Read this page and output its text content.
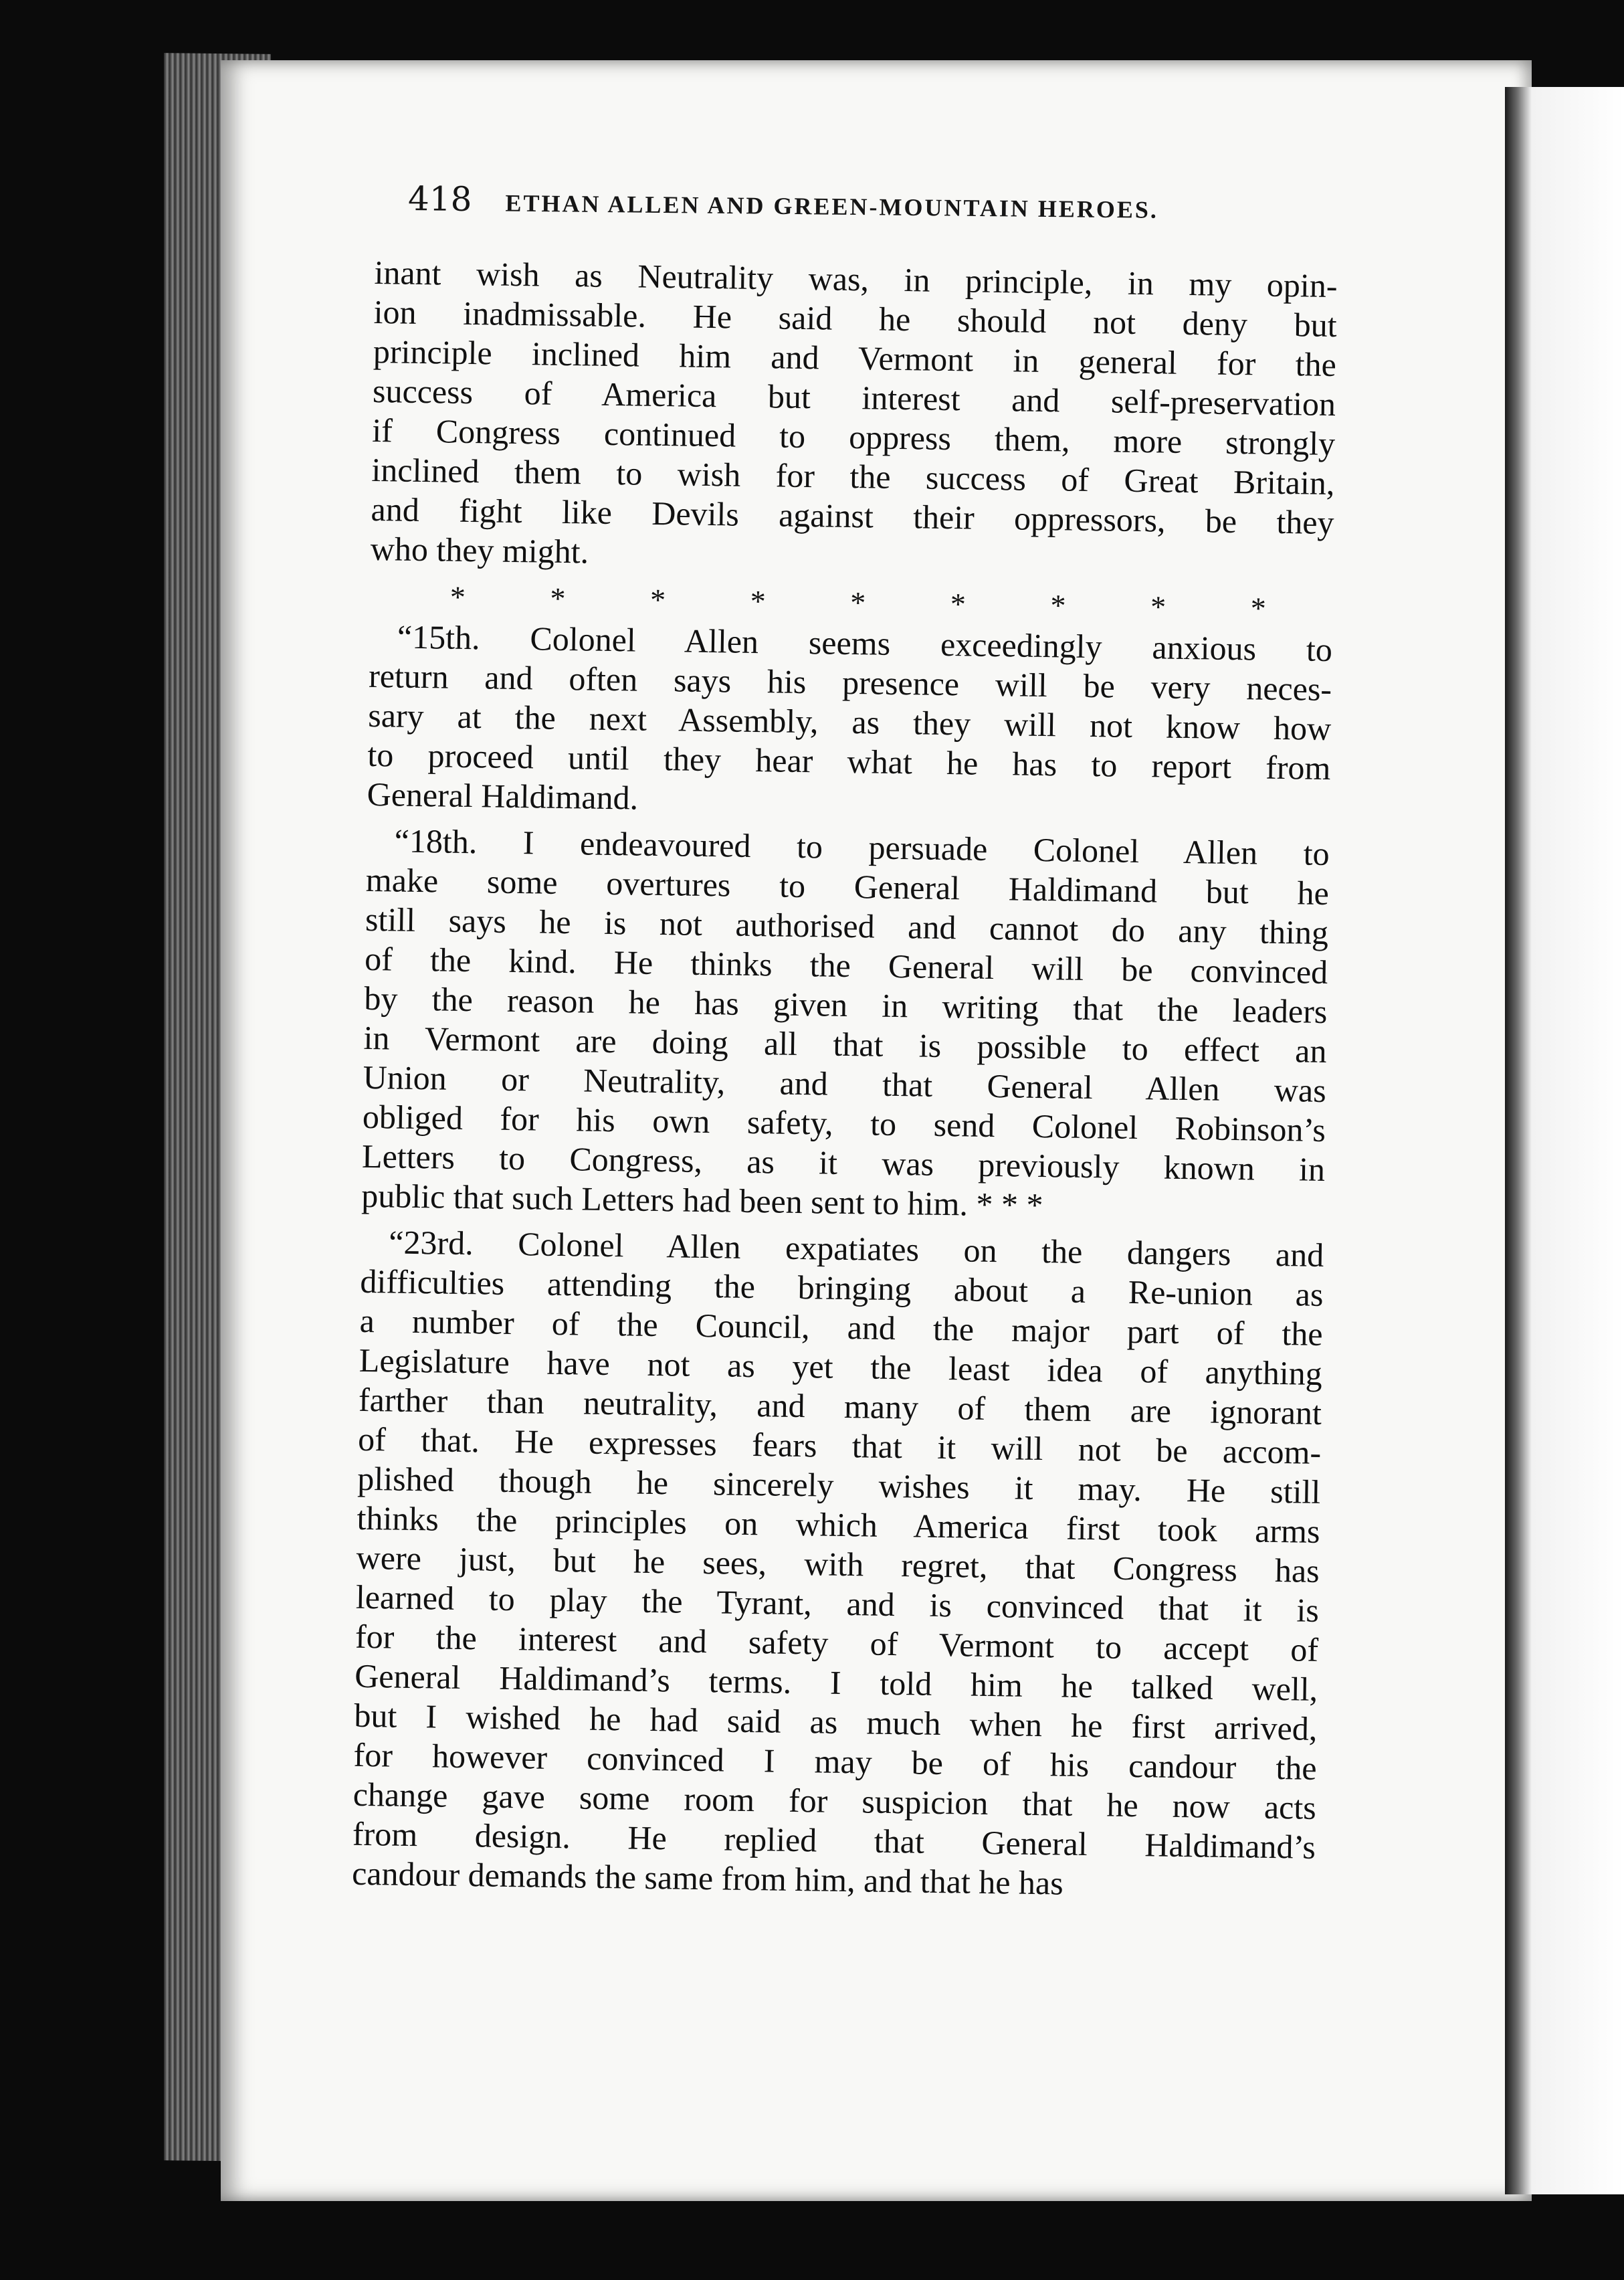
418 ETHAN ALLEN AND GREEN-MOUNTAIN HEROES.
inant wish as Neutrality was, in principle, in my opin-
ion inadmissable. He said he should not deny but
principle inclined him and Vermont in general for the
success of America but interest and self-preservation
if Congress continued to oppress them, more strongly
inclined them to wish for the success of Great Britain,
and fight like Devils against their oppressors, be they
who they might.
*	*	*	*	*	*	*	*	*
“15th. Colonel Allen seems exceedingly anxious to
return and often says his presence will be very neces-
sary at the next Assembly, as they will not know how
to proceed until they hear what he has to report from
General Haldimand.
“18th. I endeavoured to persuade Colonel Allen to
make some overtures to General Haldimand but he
still says he is not authorised and cannot do any thing
of the kind. He thinks the General will be convinced
by the reason he has given in writing that the leaders
in Vermont are doing all that is possible to effect an
Union or Neutrality, and that General Allen was
obliged for his own safety, to send Colonel Robinson’s
Letters to Congress, as it was previously known in
public that such Letters had been sent to him. * * *
“23rd. Colonel Allen expatiates on the dangers and
difficulties attending the bringing about a Re-union as
a number of the Council, and the major part of the
Legislature have not as yet the least idea of anything
farther than neutrality, and many of them are ignorant
of that. He expresses fears that it will not be accom-
plished though he sincerely wishes it may. He still
thinks the principles on which America first took arms
were just, but he sees, with regret, that Congress has
learned to play the Tyrant, and is convinced that it is
for the interest and safety of Vermont to accept of
General Haldimand’s terms. I told him he talked well,
but I wished he had said as much when he first arrived,
for however convinced I may be of his candour the
change gave some room for suspicion that he now acts
from design. He replied that General Haldimand’s
candour demands the same from him, and that he has
